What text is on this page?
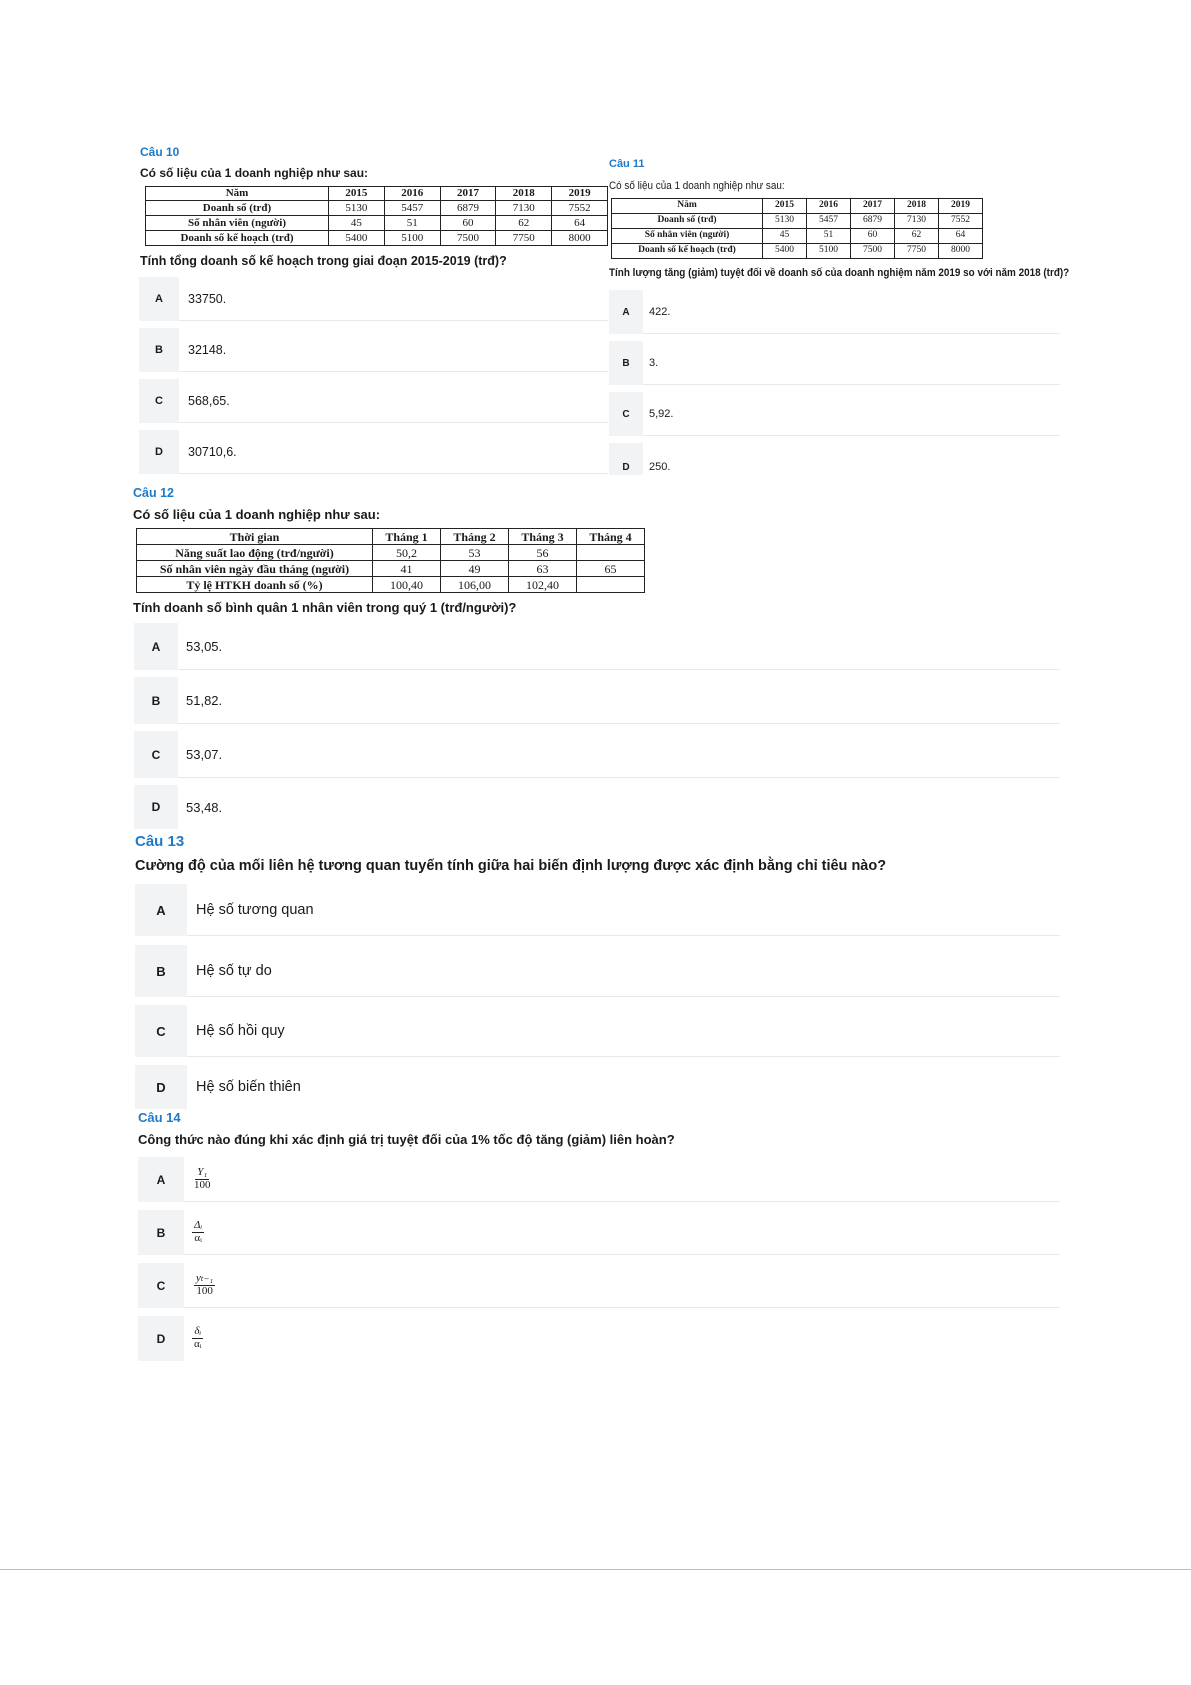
Câu 10
Có số liệu của 1 doanh nghiệp như sau:
Năm	2015	2016	2017	2018	2019
Doanh số (trđ)	5130	5457	6879	7130	7552
Số nhân viên (người)	45	51	60	62	64
Doanh số kế hoạch (trđ)	5400	5100	7500	7750	8000
Tính tổng doanh số kế hoạch trong giai đoạn 2015-2019 (trđ)?
A	33750.
B	32148.
C	568,65.
D	30710,6.
Câu 11
Có số liệu của 1 doanh nghiệp như sau:
Năm	2015	2016	2017	2018	2019
Doanh số (trđ)	5130	5457	6879	7130	7552
Số nhân viên (người)	45	51	60	62	64
Doanh số kế hoạch (trđ)	5400	5100	7500	7750	8000
Tính lượng tăng (giảm) tuyệt đối về doanh số của doanh nghiệm năm 2019 so với năm 2018 (trđ)?
A	422.
B	3.
C	5,92.
D	250.
Câu 12
Có số liệu của 1 doanh nghiệp như sau:
Thời gian	Tháng 1	Tháng 2	Tháng 3	Tháng 4
Năng suất lao động (trđ/người)	50,2	53	56	
Số nhân viên ngày đầu tháng (người)	41	49	63	65
Tỷ lệ HTKH doanh số (%)	100,40	106,00	102,40	
Tính doanh số bình quân 1 nhân viên trong quý 1 (trđ/người)?
A	53,05.
B	51,82.
C	53,07.
D	53,48.
Câu 13
Cường độ của mối liên hệ tương quan tuyến tính giữa hai biến định lượng được xác định bằng chỉ tiêu nào?
A	Hệ số tương quan
B	Hệ số tự do
C	Hệ số hồi quy
D	Hệ số biến thiên
Câu 14
Công thức nào đúng khi xác định giá trị tuyệt đối của 1% tốc độ tăng (giảm) liên hoàn?
A	$\frac{\text{Y₁}}{100}$
B	$\frac{\text{Δᵢ}}{\text{αᵢ}}$
C	$\frac{\text{yₜ₋₁}}{100}$
D	$\frac{\text{δᵢ}}{\text{αᵢ}}$
